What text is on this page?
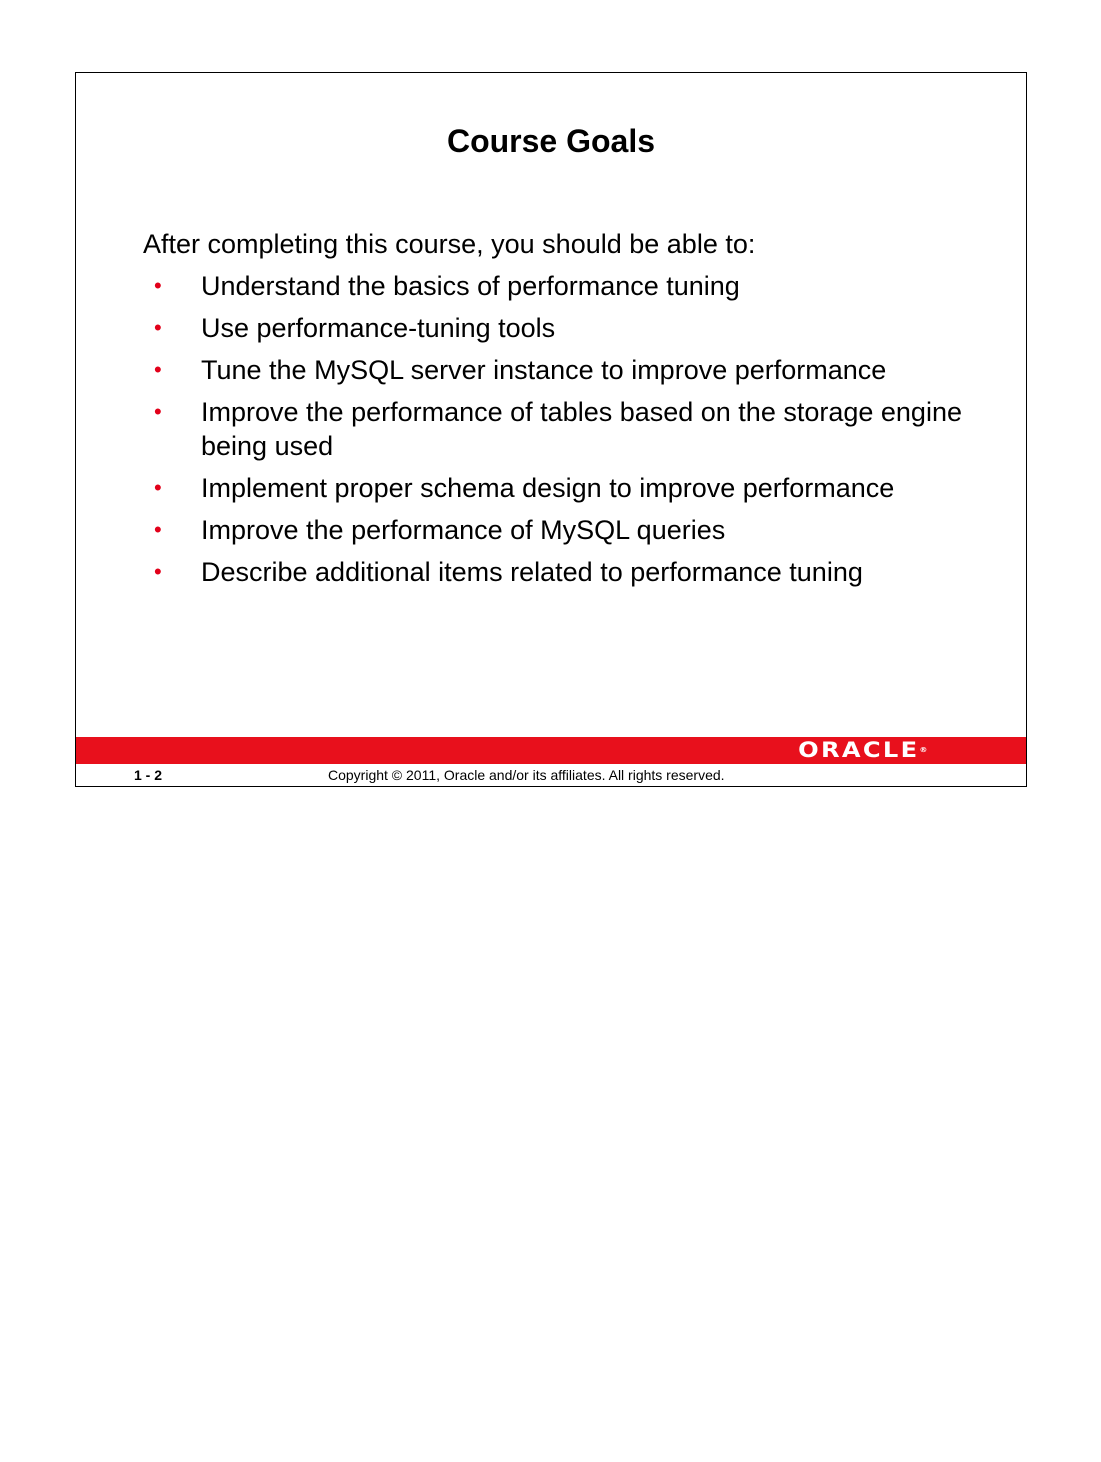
Course Goals

After completing this course, you should be able to:

• Understand the basics of performance tuning
• Use performance-tuning tools
• Tune the MySQL server instance to improve performance
• Improve the performance of tables based on the storage engine being used
• Implement proper schema design to improve performance
• Improve the performance of MySQL queries
• Describe additional items related to performance tuning
ORACLE®
1 - 2	Copyright © 2011, Oracle and/or its affiliates. All rights reserved.
